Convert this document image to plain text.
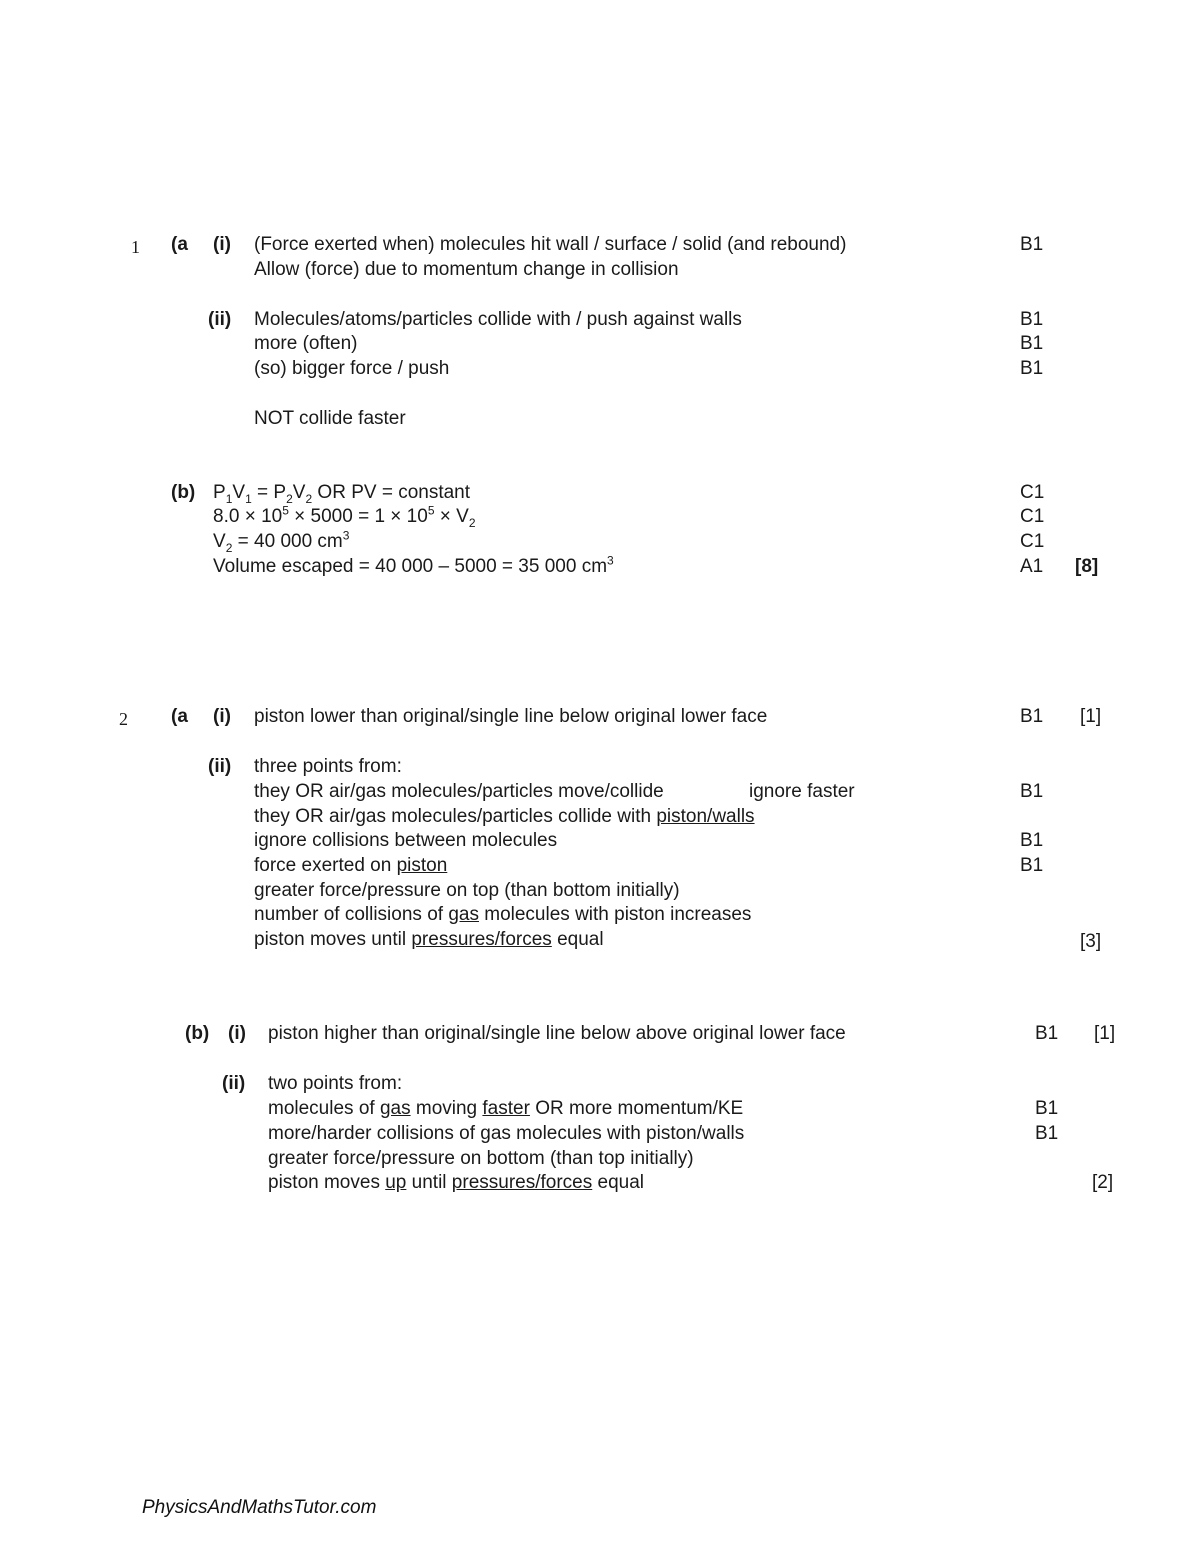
1 (a (i) (Force exerted when) molecules hit wall / surface / solid (and rebound)	B1
Allow (force) due to momentum change in collision
(ii) Molecules/atoms/particles collide with / push against walls	B1
more (often)	B1
(so) bigger force / push	B1
NOT collide faster
(b) $P_1V_1 = P_2V_2$ OR PV = constant	C1
$8.0 \times 10^5 \times 5000 = 1 \times 10^5 \times V_2$	C1
$V_2 = 40$ 000 $cm^3$	C1
Volume escaped = 40 000 – 5000 = 35 000 $cm^3$	A1 [8]
2 (a (i) piston lower than original/single line below original lower face	B1 [1]
(ii) three points from:
they OR air/gas molecules/particles move/collide	ignore faster	B1
they OR air/gas molecules/particles collide with piston/walls
ignore collisions between molecules	B1
force exerted on piston	B1
greater force/pressure on top (than bottom initially)
number of collisions of gas molecules with piston increases
piston moves until pressures/forces equal	[3]
(b) (i) piston higher than original/single line below above original lower face	B1 [1]
(ii) two points from:
molecules of gas moving faster OR more momentum/KE	B1
more/harder collisions of gas molecules with piston/walls	B1
greater force/pressure on bottom (than top initially)
piston moves up until pressures/forces equal	[2]
PhysicsAndMathsTutor.com
